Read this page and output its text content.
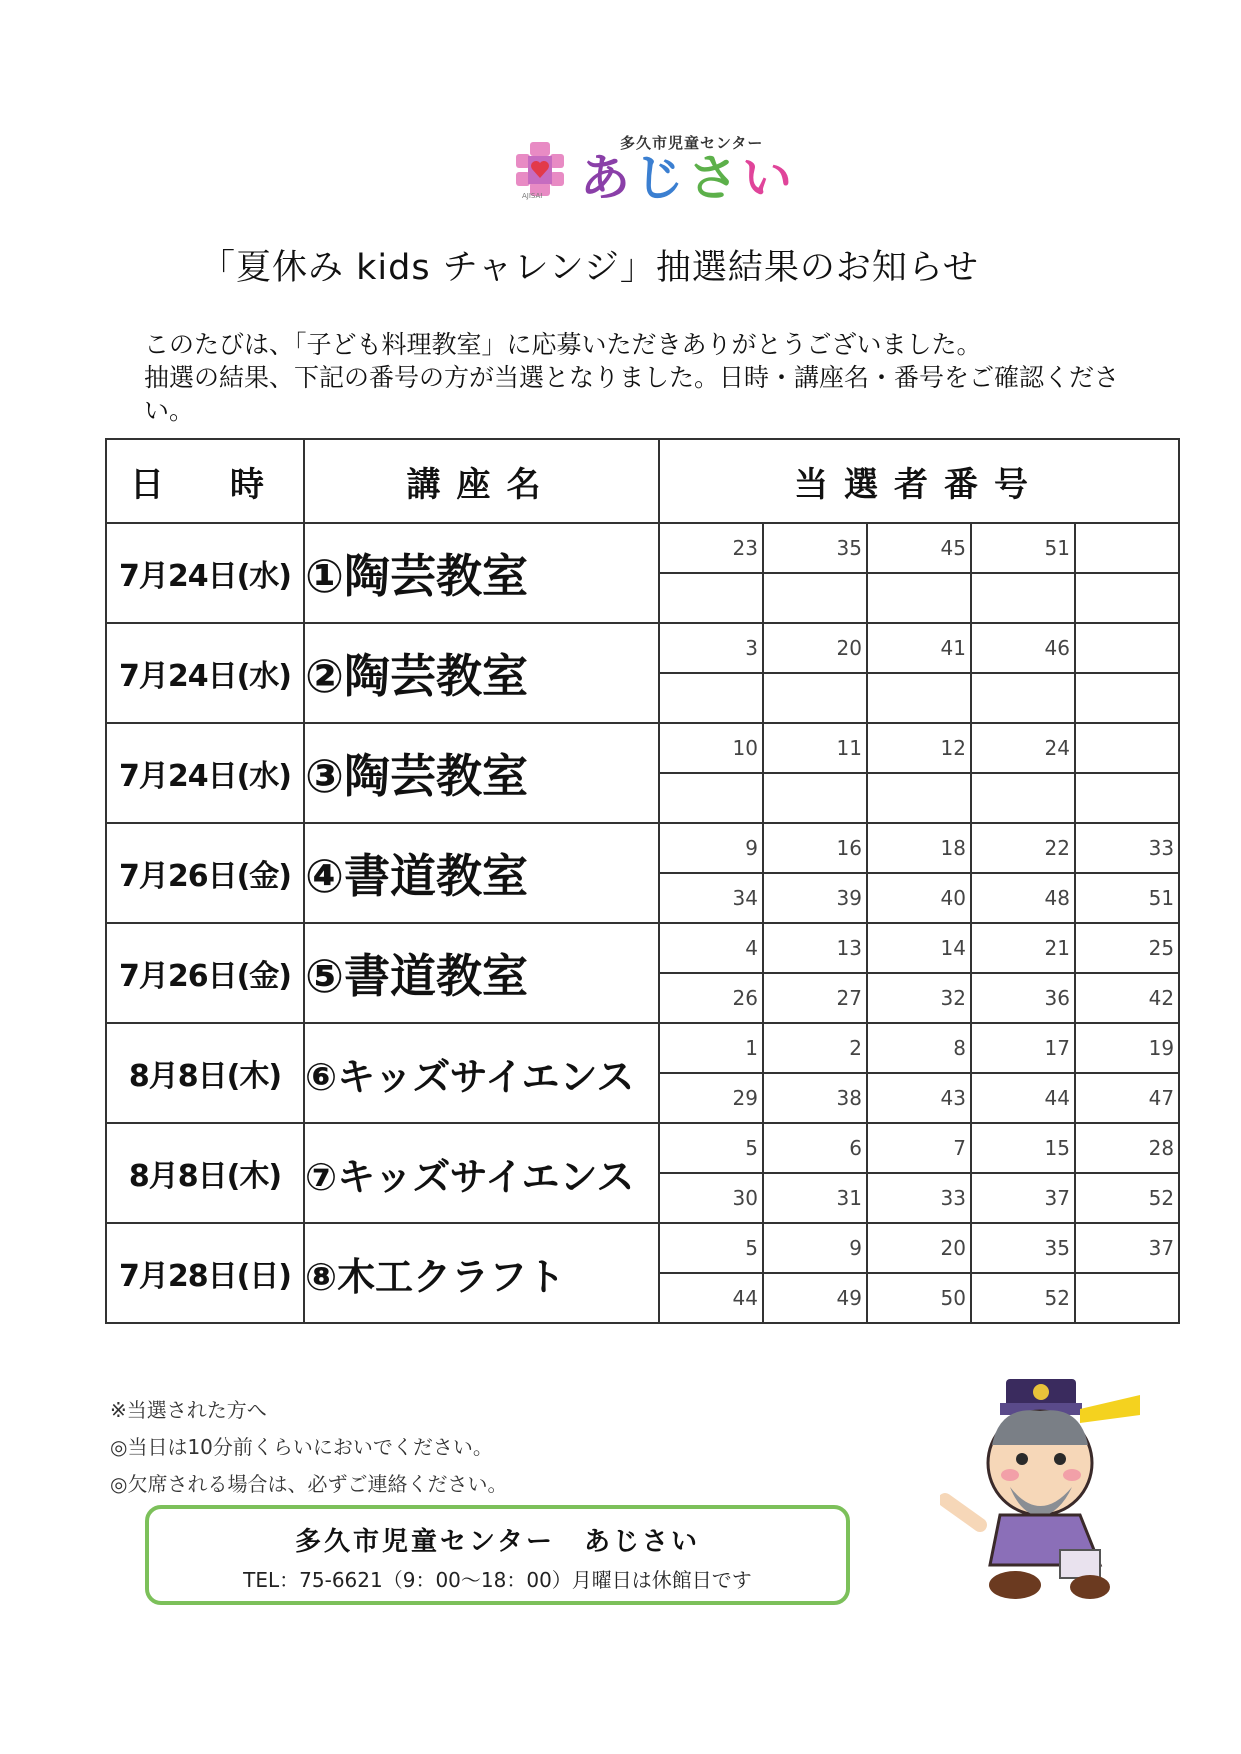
AJISAI
多久市児童センター
あじさい
「夏休み kids チャレンジ」抽選結果のお知らせ

このたびは、「子ども料理教室」に応募いただきありがとうございました。

抽選の結果、下記の番号の方が当選となりました。日時・講座名・番号をご確認ください。

日　時	講座名	当選者番号				
7月24日(水)	①陶芸教室	23	35	45	51	

7月24日(水)	②陶芸教室	3	20	41	46	

7月24日(水)	③陶芸教室	10	11	12	24	

7月26日(金)	④書道教室	9	16	18	22	33
		34	39	40	48	51
7月26日(金)	⑤書道教室	4	13	14	21	25
		26	27	32	36	42
8月8日(木)	⑥キッズサイエンス	1	2	8	17	19
		29	38	43	44	47
8月8日(木)	⑦キッズサイエンス	5	6	7	15	28
		30	31	33	37	52
7月28日(日)	⑧木工クラフト	5	9	20	35	37
		44	49	50	52	
※当選された方へ
◎当日は10分前くらいにおいでください。
◎欠席される場合は、必ずご連絡ください。
多久市児童センター　あじさい
TEL：75-6621（9：00〜18：00）月曜日は休館日です
